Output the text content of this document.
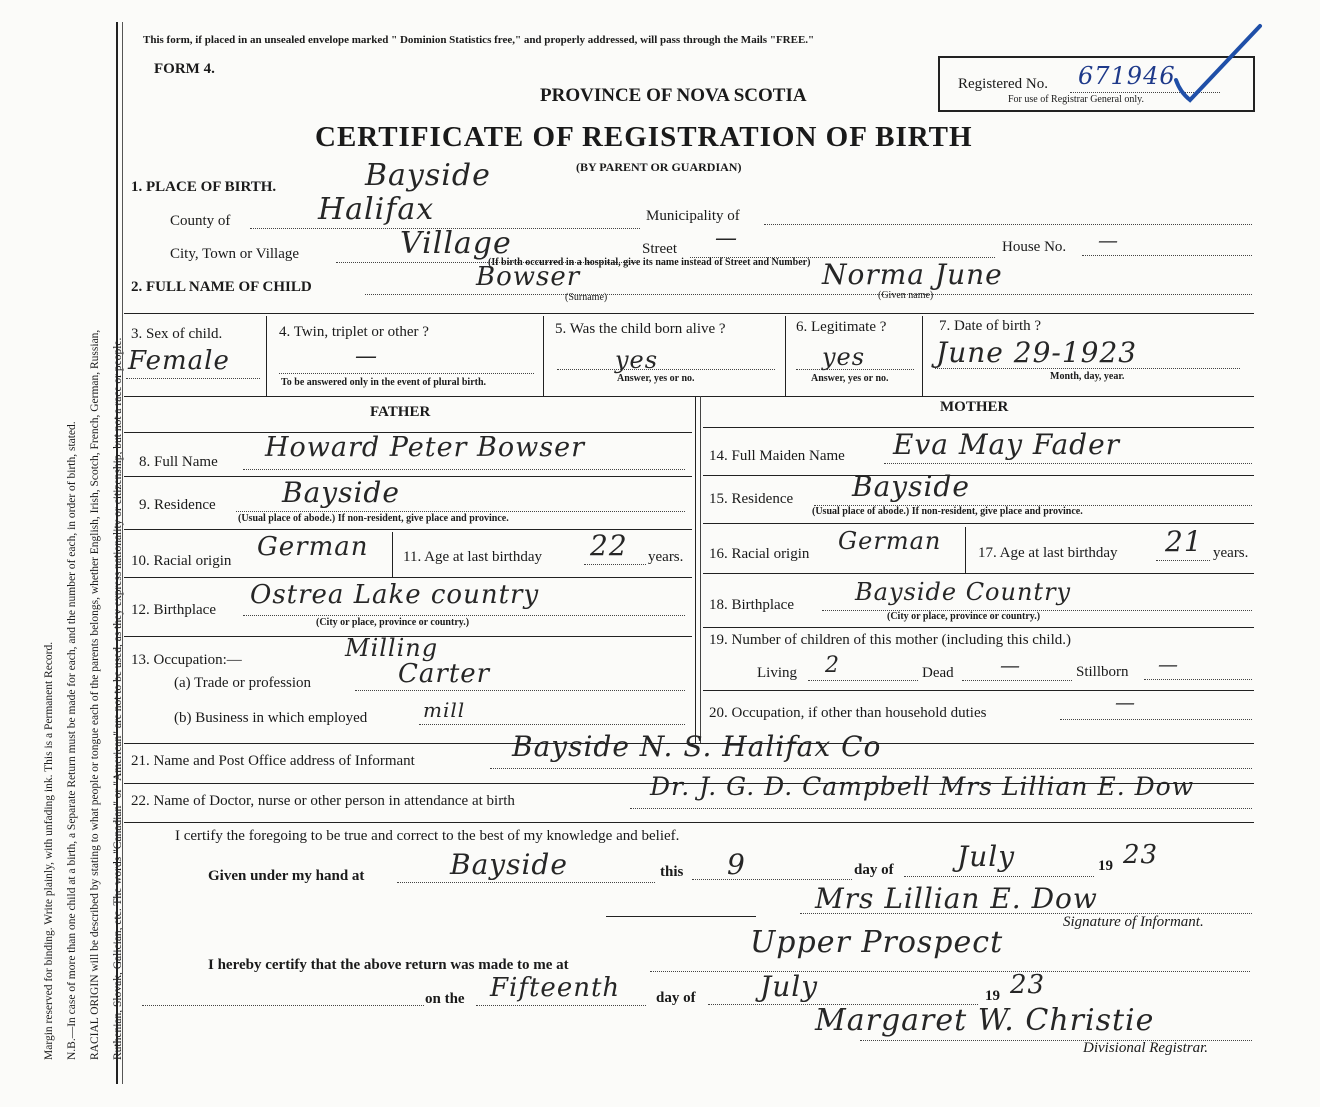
Margin reserved for binding. Write plainly, with unfading ink. This is a Permanent Record. N.B.—In case of more than one child at a birth, a Separate Return must be made for each, and the number of each, in order of birth, stated. RACIAL ORIGIN will be described by stating to what people or tongue each of the parents belongs, whether English, Irish, Scotch, French, German, Russian, Ruthenian, Slovak, Galician, etc. The words "Canadian" or "American" are not to be used, as they express nationality or citizenship, but not a race or people.
This form, if placed in an unsealed envelope marked " Dominion Statistics free," and properly addressed, will pass through the Mails "FREE."
FORM 4.
PROVINCE OF NOVA SCOTIA
CERTIFICATE OF REGISTRATION OF BIRTH
(BY PARENT OR GUARDIAN)
Registered No. 671946
For use of Registrar General only.
1. PLACE OF BIRTH.	Bayside
County of	Halifax	Municipality of
City, Town or Village	Village	Street —	House No. —
(If birth occurred in a hospital, give its name instead of Street and Number)
2. FULL NAME OF CHILD	Bowser
(Surname)
Norma June
(Given name)
3. Sex of child.
Female
4. Twin, triplet or other ?
—
To be answered only in the event of plural birth.
5. Was the child born alive ?
yes
Answer, yes or no.
6. Legitimate ?
yes
Answer, yes or no.
7. Date of birth ?
June 29-1923
Month, day, year.
FATHER
8. Full Name Howard Peter Bowser
9. Residence Bayside
(Usual place of abode.) If non-resident, give place and province.
10. Racial origin German 11. Age at last birthday 22 years.
12. Birthplace Ostrea Lake country
(City or place, province or country.)
13. Occupation:—	Milling
(a) Trade or profession	Carter
(b) Business in which employed	mill
MOTHER
14. Full Maiden Name Eva May Fader
15. Residence Bayside
(Usual place of abode.) If non-resident, give place and province.
16. Racial origin German 17. Age at last birthday 21 years.
18. Birthplace	Bayside Country
(City or place, province or country.)
19. Number of children of this mother (including this child.)
Living 2	Dead —	Stillborn —
20. Occupation, if other than household duties	—
21. Name and Post Office address of Informant	Bayside N. S. Halifax Co
22. Name of Doctor, nurse or other person in attendance at birth	Dr. J. G. D. Campbell Mrs Lillian E. Dow
I certify the foregoing to be true and correct to the best of my knowledge and belief.
Given under my hand at	Bayside	this 9	day of July	19 23
Mrs Lillian E. Dow
Signature of Informant.
I hereby certify that the above return was made to me at
Upper Prospect
on the Fifteenth day of July	19 23
Margaret W. Christie
Divisional Registrar.
